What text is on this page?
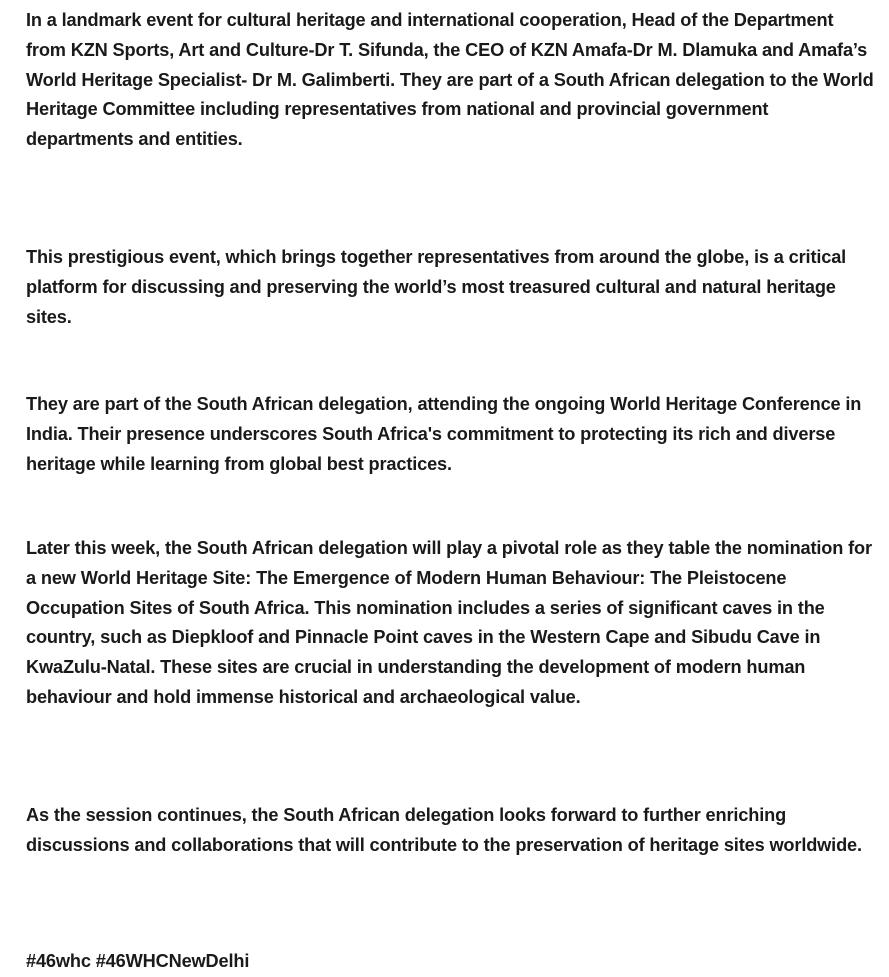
In a landmark event for cultural heritage and international cooperation, Head of the Department from KZN Sports, Art and Culture-Dr T. Sifunda, the CEO of KZN Amafa-Dr M. Dlamuka and Amafa’s World Heritage Specialist- Dr M. Galimberti. They are part of a South African delegation to the World Heritage Committee including representatives from national and provincial government departments and entities.

This prestigious event, which brings together representatives from around the globe, is a critical platform for discussing and preserving the world’s most treasured cultural and natural heritage sites.

They are part of the South African delegation, attending the ongoing World Heritage Conference in India. Their presence underscores South Africa's commitment to protecting its rich and diverse heritage while learning from global best practices.

Later this week, the South African delegation will play a pivotal role as they table the nomination for a new World Heritage Site: The Emergence of Modern Human Behaviour: The Pleistocene Occupation Sites of South Africa. This nomination includes a series of significant caves in the country, such as Diepkloof and Pinnacle Point caves in the Western Cape and Sibudu Cave in KwaZulu-Natal. These sites are crucial in understanding the development of modern human behaviour and hold immense historical and archaeological value.

As the session continues, the South African delegation looks forward to further enriching discussions and collaborations that will contribute to the preservation of heritage sites worldwide.

#46whc #46WHCNewDelhi
